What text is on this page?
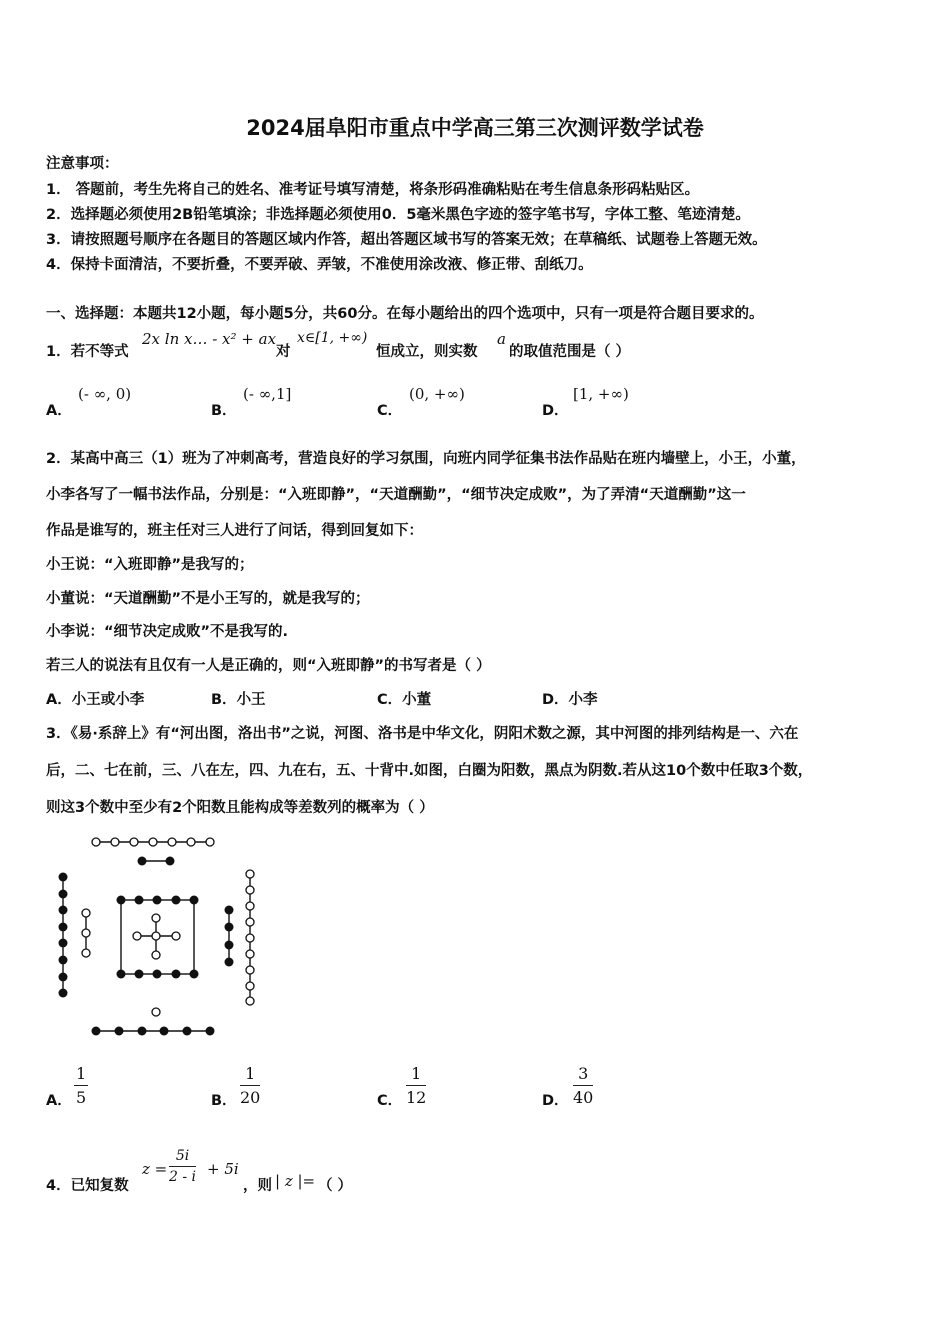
2024届阜阳市重点中学高三第三次测评数学试卷
注意事项：
1． 答题前，考生先将自己的姓名、准考证号填写清楚，将条形码准确粘贴在考生信息条形码粘贴区。
2．选择题必须使用2B铅笔填涂；非选择题必须使用0．5毫米黑色字迹的签字笔书写，字体工整、笔迹清楚。
3．请按照题号顺序在各题目的答题区域内作答，超出答题区域书写的答案无效；在草稿纸、试题卷上答题无效。
4．保持卡面清洁，不要折叠，不要弄破、弄皱，不准使用涂改液、修正带、刮纸刀。
一、选择题：本题共12小题，每小题5分，共60分。在每小题给出的四个选项中，只有一项是符合题目要求的。
1．若不等式
2x ln x… - x² + ax
对
x∈[1, +∞)
恒成立，则实数
a
的取值范围是（ ）
A．
(- ∞, 0)
B．
(- ∞,1]
C．
(0, +∞)
D．
[1, +∞)
2．某高中高三（1）班为了冲刺高考，营造良好的学习氛围，向班内同学征集书法作品贴在班内墙壁上，小王，小董，
小李各写了一幅书法作品，分别是：“入班即静”，“天道酬勤”，“细节决定成败”，为了弄清“天道酬勤”这一
作品是谁写的，班主任对三人进行了问话，得到回复如下：
小王说：“入班即静”是我写的；
小董说：“天道酬勤”不是小王写的，就是我写的；
小李说：“细节决定成败”不是我写的.
若三人的说法有且仅有一人是正确的，则“入班即静”的书写者是（ ）
A．小王或小李	B．小王	C．小董	D．小李
3．《易·系辞上》有“河出图，洛出书”之说，河图、洛书是中华文化，阴阳术数之源，其中河图的排列结构是一、六在
后，二、七在前，三、八在左，四、九在右，五、十背中.如图，白圈为阳数，黑点为阴数.若从这10个数中任取3个数，
则这3个数中至少有2个阳数且能构成等差数列的概率为（ ）
A． $\frac{1}{5}$	B． $\frac{1}{20}$	C． $\frac{1}{12}$	D． $\frac{3}{40}$
4．已知复数
$z = \frac{5i}{2 - i} + 5i$
，则 | z |= （ ）
